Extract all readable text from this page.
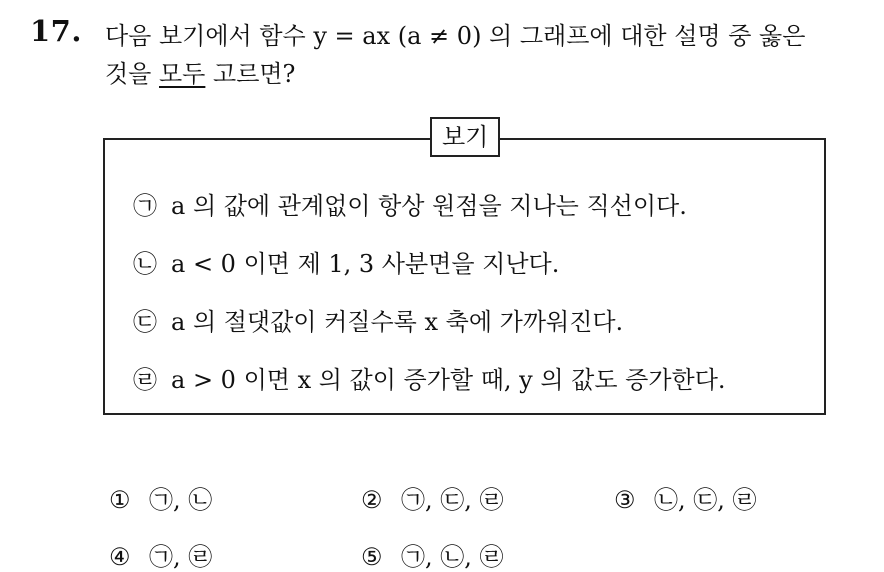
17. 다음 보기에서 함수 y = ax (a ≠ 0) 의 그래프에 대한 설명 중 옳은
것을 모두 고르면?
보기
㉠ a 의 값에 관계없이 항상 원점을 지나는 직선이다.
㉡ a < 0 이면 제 1, 3 사분면을 지난다.
㉢ a 의 절댓값이 커질수록 x 축에 가까워진다.
㉣ a > 0 이면 x 의 값이 증가할 때, y 의 값도 증가한다.
① ㉠, ㉡	② ㉠, ㉢, ㉣	③ ㉡, ㉢, ㉣
④ ㉠, ㉣	⑤ ㉠, ㉡, ㉣
